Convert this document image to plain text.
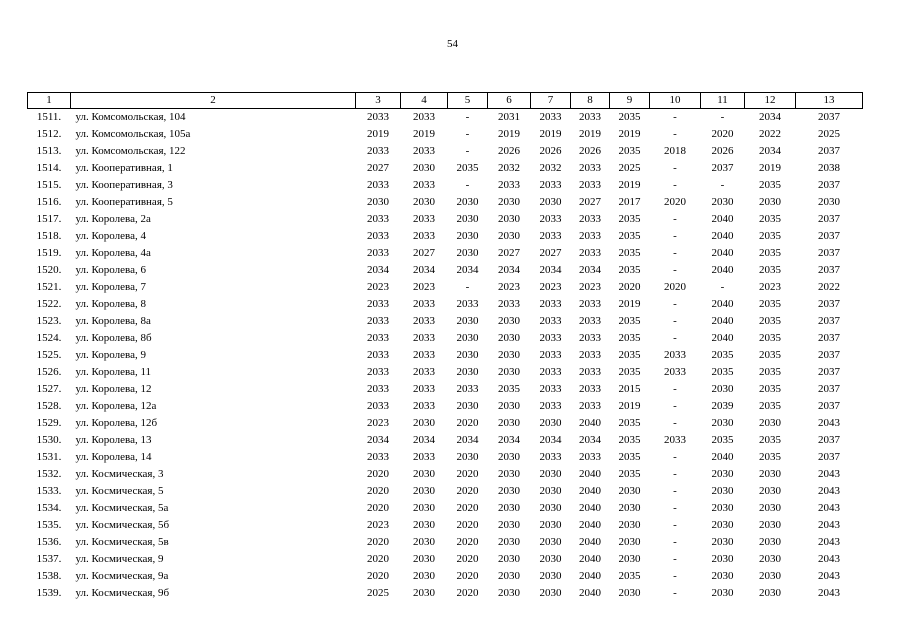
54
1	2	3	4	5	6	7	8	9	10	11	12	13
1511.	ул. Комсомольская, 104	2033	2033	-	2031	2033	2033	2035	-	-	2034	2037
1512.	ул. Комсомольская, 105а	2019	2019	-	2019	2019	2019	2019	-	2020	2022	2025
1513.	ул. Комсомольская, 122	2033	2033	-	2026	2026	2026	2035	2018	2026	2034	2037
1514.	ул. Кооперативная, 1	2027	2030	2035	2032	2032	2033	2025	-	2037	2019	2038
1515.	ул. Кооперативная, 3	2033	2033	-	2033	2033	2033	2019	-	-	2035	2037
1516.	ул. Кооперативная, 5	2030	2030	2030	2030	2030	2027	2017	2020	2030	2030	2030
1517.	ул. Королева, 2а	2033	2033	2030	2030	2033	2033	2035	-	2040	2035	2037
1518.	ул. Королева, 4	2033	2033	2030	2030	2033	2033	2035	-	2040	2035	2037
1519.	ул. Королева, 4а	2033	2027	2030	2027	2027	2033	2035	-	2040	2035	2037
1520.	ул. Королева, 6	2034	2034	2034	2034	2034	2034	2035	-	2040	2035	2037
1521.	ул. Королева, 7	2023	2023	-	2023	2023	2023	2020	2020	-	2023	2022
1522.	ул. Королева, 8	2033	2033	2033	2033	2033	2033	2019	-	2040	2035	2037
1523.	ул. Королева, 8а	2033	2033	2030	2030	2033	2033	2035	-	2040	2035	2037
1524.	ул. Королева, 8б	2033	2033	2030	2030	2033	2033	2035	-	2040	2035	2037
1525.	ул. Королева, 9	2033	2033	2030	2030	2033	2033	2035	2033	2035	2035	2037
1526.	ул. Королева, 11	2033	2033	2030	2030	2033	2033	2035	2033	2035	2035	2037
1527.	ул. Королева, 12	2033	2033	2033	2035	2033	2033	2015	-	2030	2035	2037
1528.	ул. Королева, 12а	2033	2033	2030	2030	2033	2033	2019	-	2039	2035	2037
1529.	ул. Королева, 12б	2023	2030	2020	2030	2030	2040	2035	-	2030	2030	2043
1530.	ул. Королева, 13	2034	2034	2034	2034	2034	2034	2035	2033	2035	2035	2037
1531.	ул. Королева, 14	2033	2033	2030	2030	2033	2033	2035	-	2040	2035	2037
1532.	ул. Космическая, 3	2020	2030	2020	2030	2030	2040	2035	-	2030	2030	2043
1533.	ул. Космическая, 5	2020	2030	2020	2030	2030	2040	2030	-	2030	2030	2043
1534.	ул. Космическая, 5а	2020	2030	2020	2030	2030	2040	2030	-	2030	2030	2043
1535.	ул. Космическая, 5б	2023	2030	2020	2030	2030	2040	2030	-	2030	2030	2043
1536.	ул. Космическая, 5в	2020	2030	2020	2030	2030	2040	2030	-	2030	2030	2043
1537.	ул. Космическая, 9	2020	2030	2020	2030	2030	2040	2030	-	2030	2030	2043
1538.	ул. Космическая, 9а	2020	2030	2020	2030	2030	2040	2035	-	2030	2030	2043
1539.	ул. Космическая, 9б	2025	2030	2020	2030	2030	2040	2030	-	2030	2030	2043
